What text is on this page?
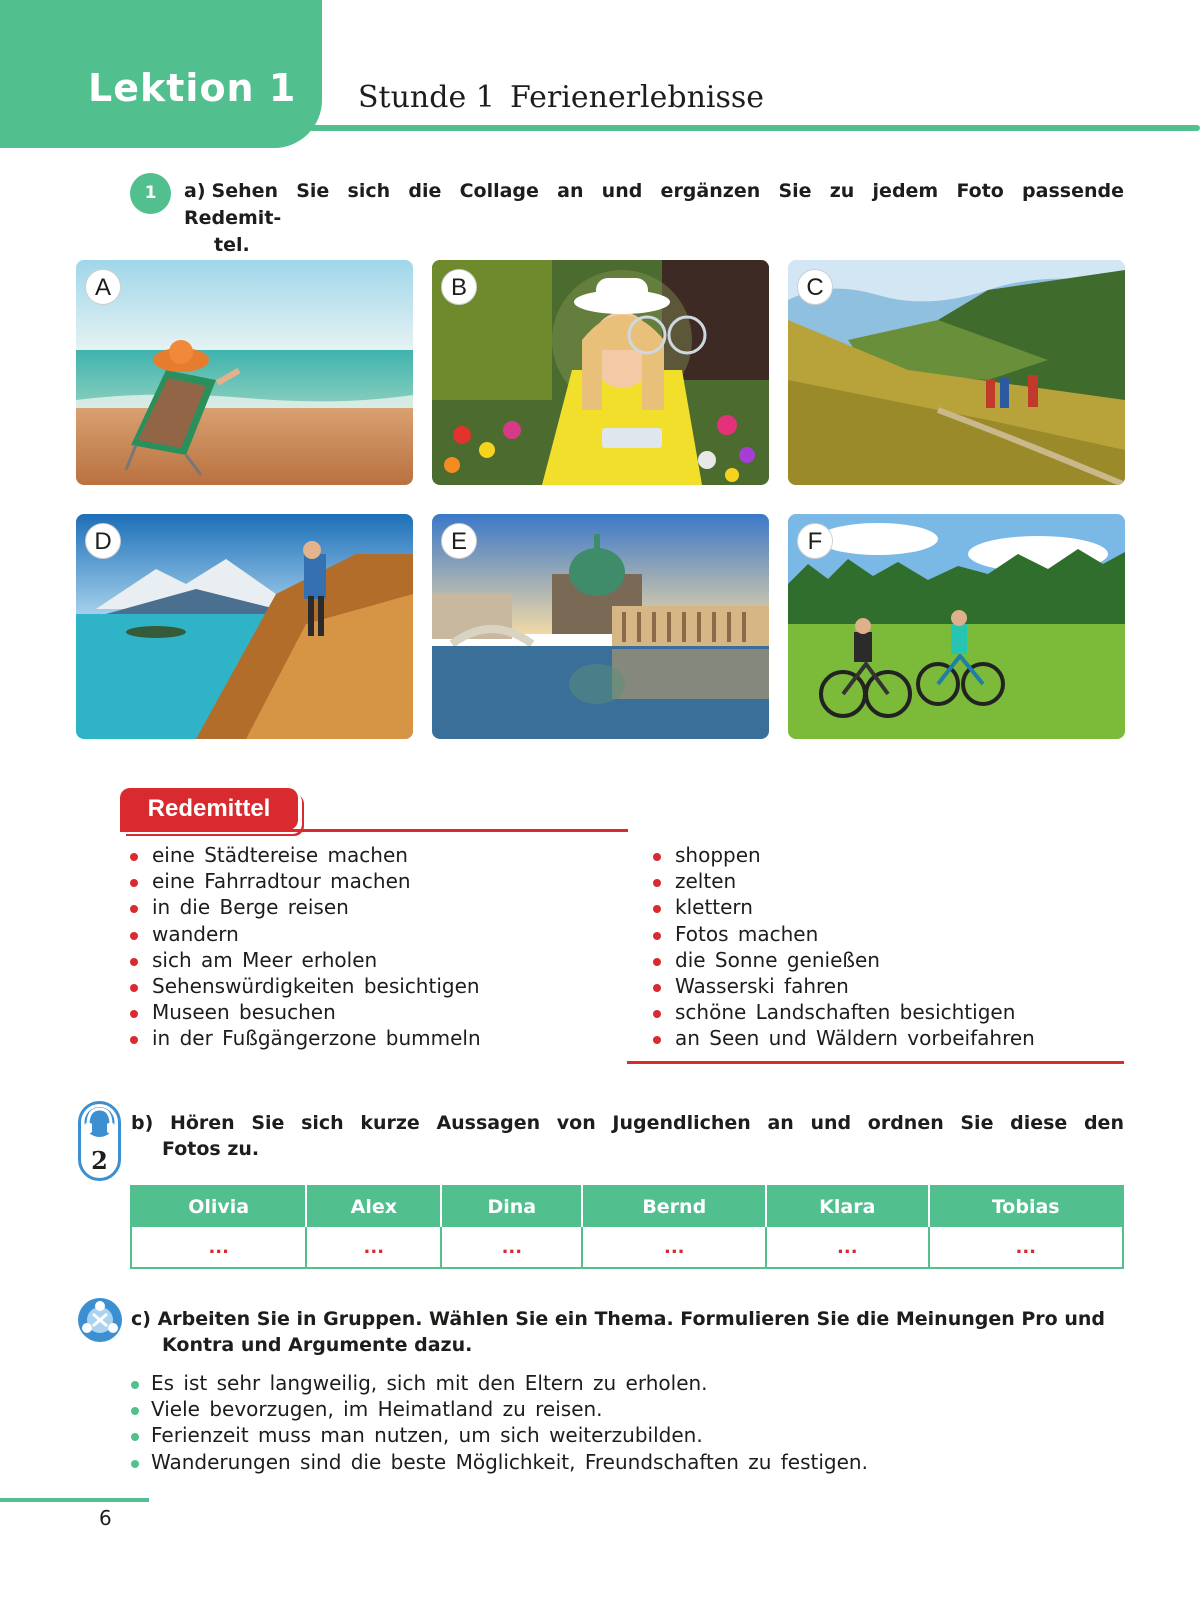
Lektion 1 Stunde 1 Ferienerlebnisse
1	a) Sehen Sie sich die Collage an und ergänzen Sie zu jedem Foto passende Redemit-
tel.
A	B	C
D	E	F
Redemittel
eine Städtereise machen
eine Fahrradtour machen
in die Berge reisen
wandern
sich am Meer erholen
Sehenswürdigkeiten besichtigen
Museen besuchen
in der Fußgängerzone bummeln
shoppen
zelten
klettern
Fotos machen
die Sonne genießen
Wasserski fahren
schöne Landschaften besichtigen
an Seen und Wäldern vorbeifahren
2
b) Hören Sie sich kurze Aussagen von Jugendlichen an und ordnen Sie diese den
Fotos zu.
Olivia	Alex	Dina	Bernd	Klara	Tobias
...	...	...	...	...	...
c) Arbeiten Sie in Gruppen. Wählen Sie ein Thema. Formulieren Sie die Meinungen Pro und
Kontra und Argumente dazu.
Es ist sehr langweilig, sich mit den Eltern zu erholen.
Viele bevorzugen, im Heimatland zu reisen.
Ferienzeit muss man nutzen, um sich weiterzubilden.
Wanderungen sind die beste Möglichkeit, Freundschaften zu festigen.
6
